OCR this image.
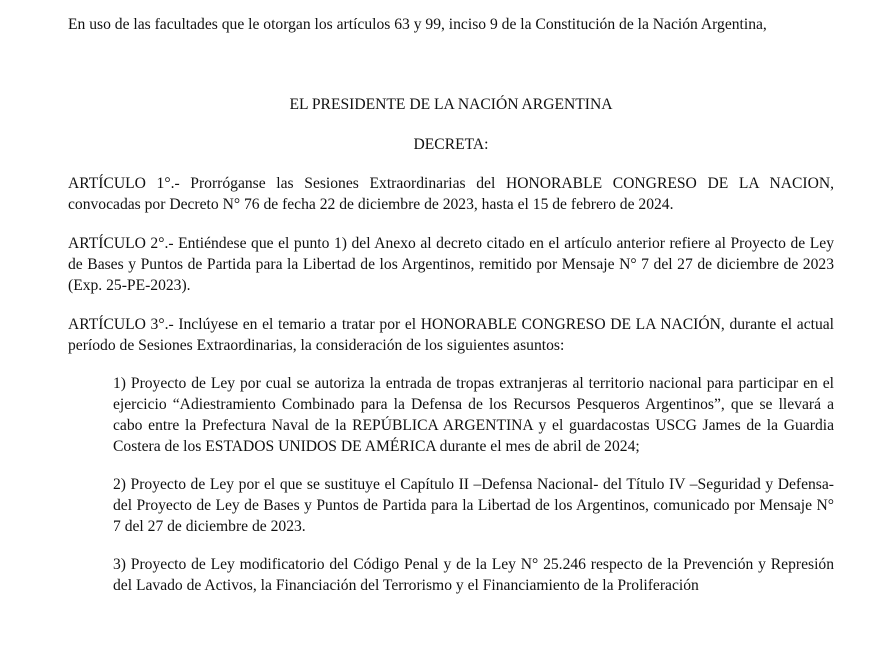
En uso de las facultades que le otorgan los artículos 63 y 99, inciso 9 de la Constitución de la Nación Argentina,

EL PRESIDENTE DE LA NACIÓN ARGENTINA

DECRETA:

ARTÍCULO 1°.- Prorróganse las Sesiones Extraordinarias del HONORABLE CONGRESO DE LA NACION, convocadas por Decreto N° 76 de fecha 22 de diciembre de 2023, hasta el 15 de febrero de 2024.

ARTÍCULO 2°.- Entiéndese que el punto 1) del Anexo al decreto citado en el artículo anterior refiere al Proyecto de Ley de Bases y Puntos de Partida para la Libertad de los Argentinos, remitido por Mensaje N° 7 del 27 de diciembre de 2023 (Exp. 25-PE-2023).

ARTÍCULO 3°.- Inclúyese en el temario a tratar por el HONORABLE CONGRESO DE LA NACIÓN, durante el actual período de Sesiones Extraordinarias, la consideración de los siguientes asuntos:

1) Proyecto de Ley por cual se autoriza la entrada de tropas extranjeras al territorio nacional para participar en el ejercicio “Adiestramiento Combinado para la Defensa de los Recursos Pesqueros Argentinos”, que se llevará a cabo entre la Prefectura Naval de la REPÚBLICA ARGENTINA y el guardacostas USCG James de la Guardia Costera de los ESTADOS UNIDOS DE AMÉRICA durante el mes de abril de 2024;

2) Proyecto de Ley por el que se sustituye el Capítulo II –Defensa Nacional- del Título IV –Seguridad y Defensa- del Proyecto de Ley de Bases y Puntos de Partida para la Libertad de los Argentinos, comunicado por Mensaje N° 7 del 27 de diciembre de 2023.

3) Proyecto de Ley modificatorio del Código Penal y de la Ley N° 25.246 respecto de la Prevención y Represión del Lavado de Activos, la Financiación del Terrorismo y el Financiamiento de la Proliferación
